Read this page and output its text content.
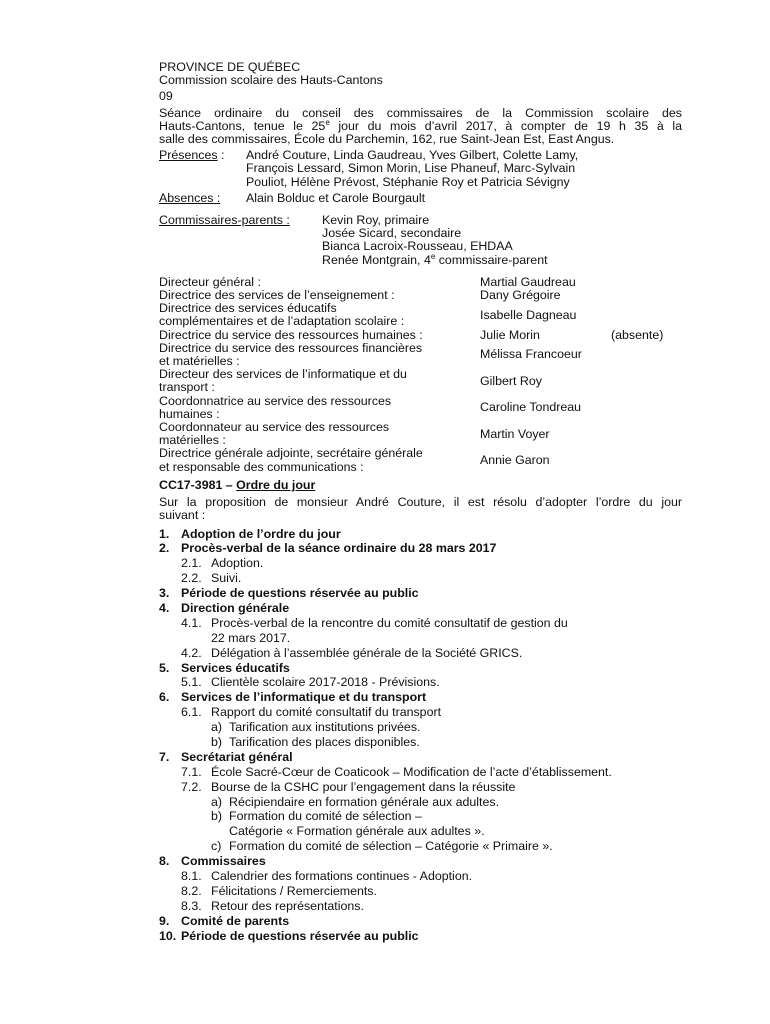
PROVINCE DE QUÉBEC
Commission scolaire des Hauts-Cantons
09
Séance ordinaire du conseil des commissaires de la Commission scolaire des
Hauts-Cantons, tenue le 25e jour du mois d’avril 2017, à compter de 19 h 35 à la
salle des commissaires, École du Parchemin, 162, rue Saint-Jean Est, East Angus.
Présences :	André Couture, Linda Gaudreau, Yves Gilbert, Colette Lamy,
François Lessard, Simon Morin, Lise Phaneuf, Marc-Sylvain
Pouliot, Hélène Prévost, Stéphanie Roy et Patricia Sévigny
Absences :	Alain Bolduc et Carole Bourgault
Commissaires-parents :	Kevin Roy, primaire
Josée Sicard, secondaire
Bianca Lacroix-Rousseau, EHDAA
Renée Montgrain, 4e commissaire-parent
Directeur général :	Martial Gaudreau
Directrice des services de l’enseignement :	Dany Grégoire
Directrice des services éducatifs
complémentaires et de l’adaptation scolaire :	Isabelle Dagneau
Directrice du service des ressources humaines :	Julie Morin	(absente)
Directrice du service des ressources financières
et matérielles :	Mélissa Francoeur
Directeur des services de l’informatique et du
transport :	Gilbert Roy
Coordonnatrice au service des ressources
humaines :	Caroline Tondreau
Coordonnateur au service des ressources
matérielles :	Martin Voyer
Directrice générale adjointe, secrétaire générale
et responsable des communications :	Annie Garon
CC17-3981 – Ordre du jour
Sur la proposition de monsieur André Couture, il est résolu d’adopter l’ordre du jour
suivant :
1. Adoption de l’ordre du jour
2. Procès-verbal de la séance ordinaire du 28 mars 2017
2.1. Adoption.
2.2. Suivi.
3. Période de questions réservée au public
4. Direction générale
4.1. Procès-verbal de la rencontre du comité consultatif de gestion du
22 mars 2017.
4.2. Délégation à l’assemblée générale de la Société GRICS.
5. Services éducatifs
5.1. Clientèle scolaire 2017-2018 - Prévisions.
6. Services de l’informatique et du transport
6.1. Rapport du comité consultatif du transport
a) Tarification aux institutions privées.
b) Tarification des places disponibles.
7. Secrétariat général
7.1. École Sacré-Cœur de Coaticook – Modification de l’acte d’établissement.
7.2. Bourse de la CSHC pour l’engagement dans la réussite
a) Récipiendaire en formation générale aux adultes.
b) Formation du comité de sélection –
Catégorie « Formation générale aux adultes ».
c) Formation du comité de sélection – Catégorie « Primaire ».
8. Commissaires
8.1. Calendrier des formations continues - Adoption.
8.2. Félicitations / Remerciements.
8.3. Retour des représentations.
9. Comité de parents
10. Période de questions réservée au public
